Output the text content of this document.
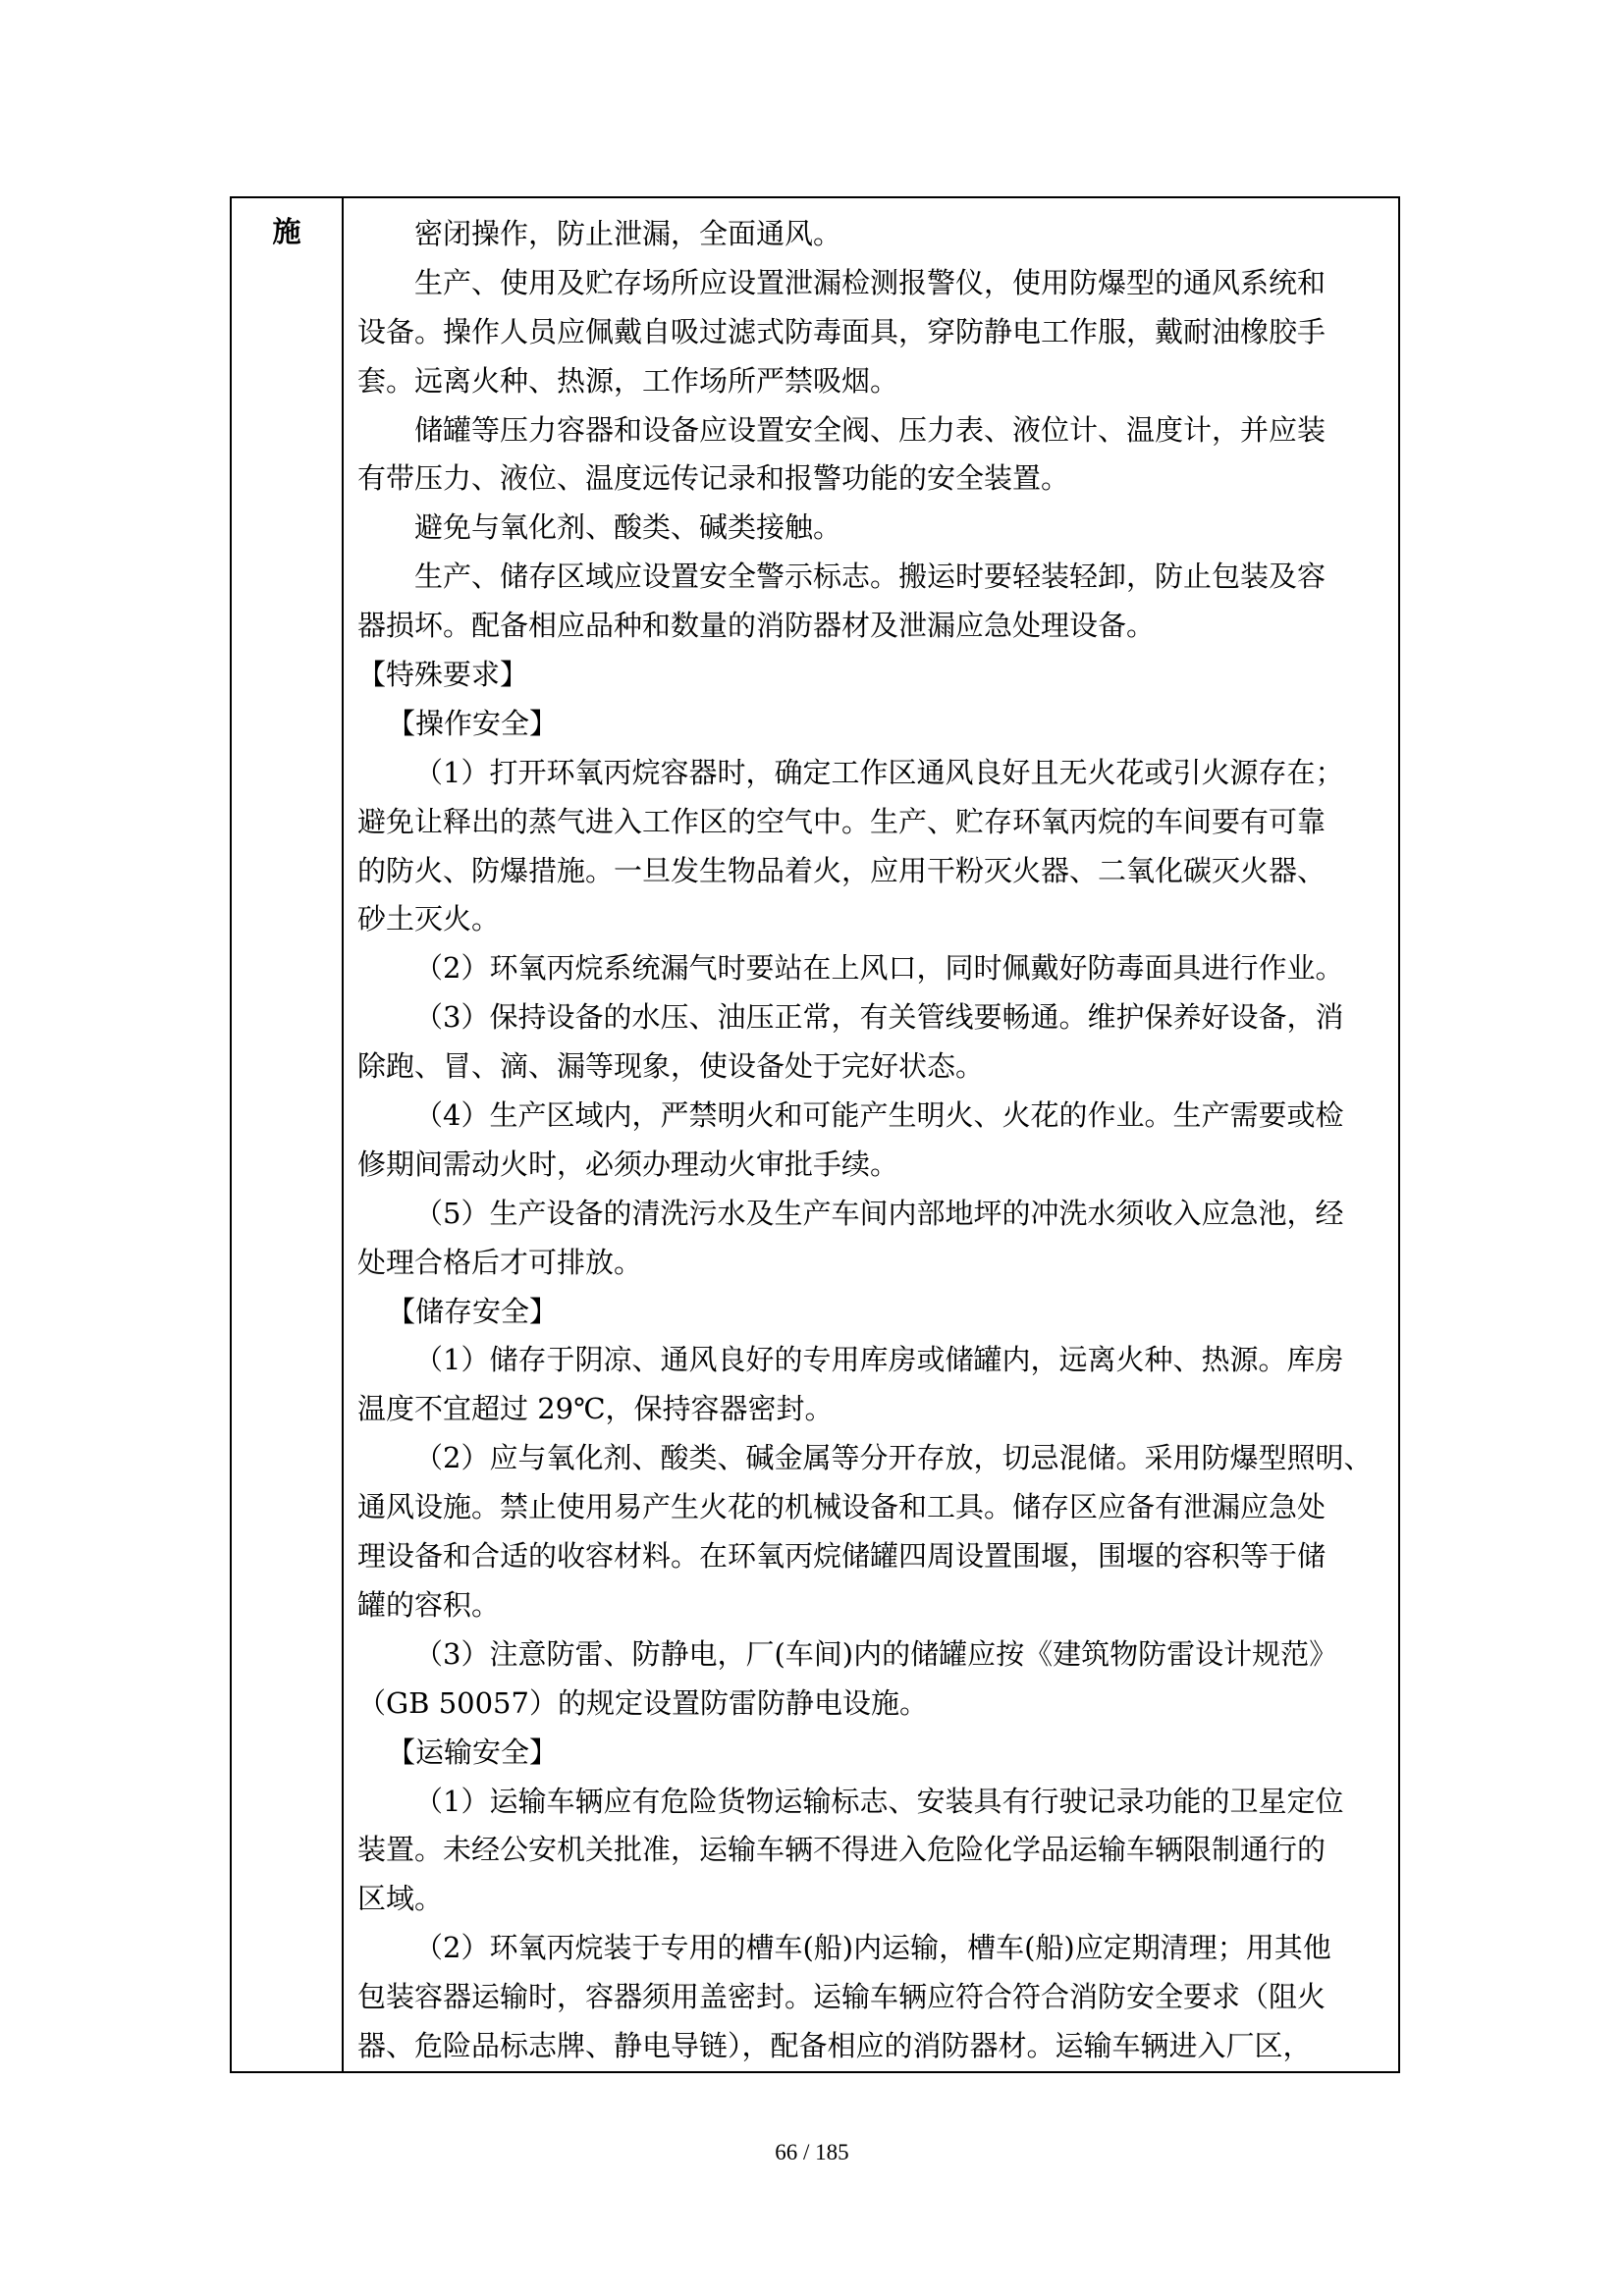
施	密闭操作，防止泄漏，全面通风。
生产、使用及贮存场所应设置泄漏检测报警仪，使用防爆型的通风系统和
设备。操作人员应佩戴自吸过滤式防毒面具，穿防静电工作服，戴耐油橡胶手
套。远离火种、热源，工作场所严禁吸烟。
储罐等压力容器和设备应设置安全阀、压力表、液位计、温度计，并应装
有带压力、液位、温度远传记录和报警功能的安全装置。
避免与氧化剂、酸类、碱类接触。
生产、储存区域应设置安全警示标志。搬运时要轻装轻卸，防止包装及容
器损坏。配备相应品种和数量的消防器材及泄漏应急处理设备。
【特殊要求】
【操作安全】
（1）打开环氧丙烷容器时，确定工作区通风良好且无火花或引火源存在；
避免让释出的蒸气进入工作区的空气中。生产、贮存环氧丙烷的车间要有可靠
的防火、防爆措施。一旦发生物品着火，应用干粉灭火器、二氧化碳灭火器、
砂土灭火。
（2）环氧丙烷系统漏气时要站在上风口，同时佩戴好防毒面具进行作业。
（3）保持设备的水压、油压正常，有关管线要畅通。维护保养好设备，消
除跑、冒、滴、漏等现象，使设备处于完好状态。
（4）生产区域内，严禁明火和可能产生明火、火花的作业。生产需要或检
修期间需动火时，必须办理动火审批手续。
（5）生产设备的清洗污水及生产车间内部地坪的冲洗水须收入应急池，经
处理合格后才可排放。
【储存安全】
（1）储存于阴凉、通风良好的专用库房或储罐内，远离火种、热源。库房
温度不宜超过 29℃，保持容器密封。
（2）应与氧化剂、酸类、碱金属等分开存放，切忌混储。采用防爆型照明、
通风设施。禁止使用易产生火花的机械设备和工具。储存区应备有泄漏应急处
理设备和合适的收容材料。在环氧丙烷储罐四周设置围堰，围堰的容积等于储
罐的容积。
（3）注意防雷、防静电，厂(车间)内的储罐应按《建筑物防雷设计规范》
（GB 50057）的规定设置防雷防静电设施。
【运输安全】
（1）运输车辆应有危险货物运输标志、安装具有行驶记录功能的卫星定位
装置。未经公安机关批准，运输车辆不得进入危险化学品运输车辆限制通行的
区域。
（2）环氧丙烷装于专用的槽车(船)内运输，槽车(船)应定期清理；用其他
包装容器运输时，容器须用盖密封。运输车辆应符合符合消防安全要求（阻火
器、危险品标志牌、静电导链），配备相应的消防器材。运输车辆进入厂区，
66 / 185
